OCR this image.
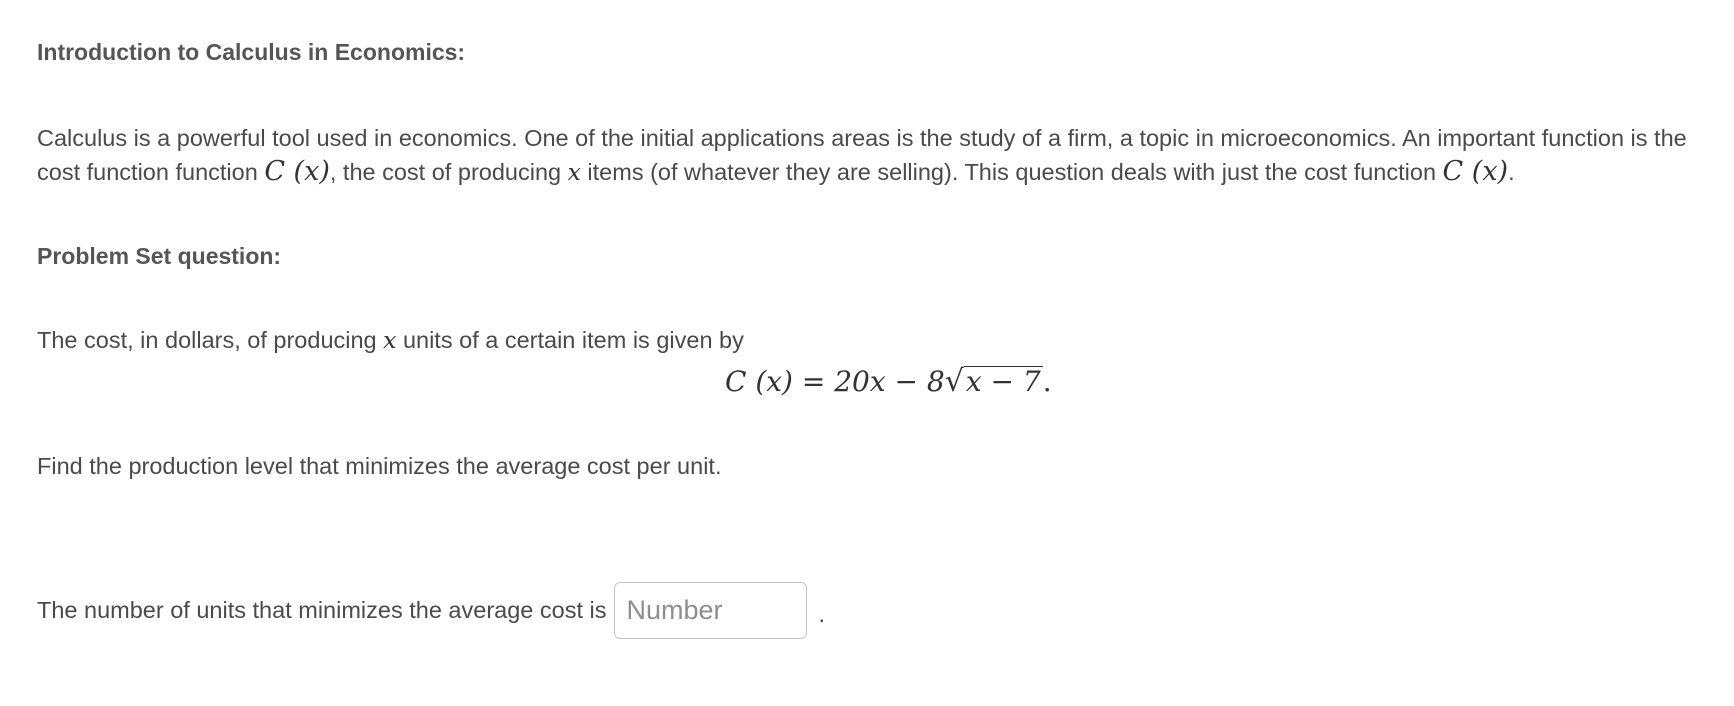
Introduction to Calculus in Economics:
Calculus is a powerful tool used in economics. One of the initial applications areas is the study of a firm, a topic in microeconomics. An important function is the cost function function C (x), the cost of producing x items (of whatever they are selling). This question deals with just the cost function C (x).
Problem Set question:
The cost, in dollars, of producing x units of a certain item is given by
C (x) = 20x − 8√x − 7.
Find the production level that minimizes the average cost per unit.
The number of units that minimizes the average cost is
Number	.
